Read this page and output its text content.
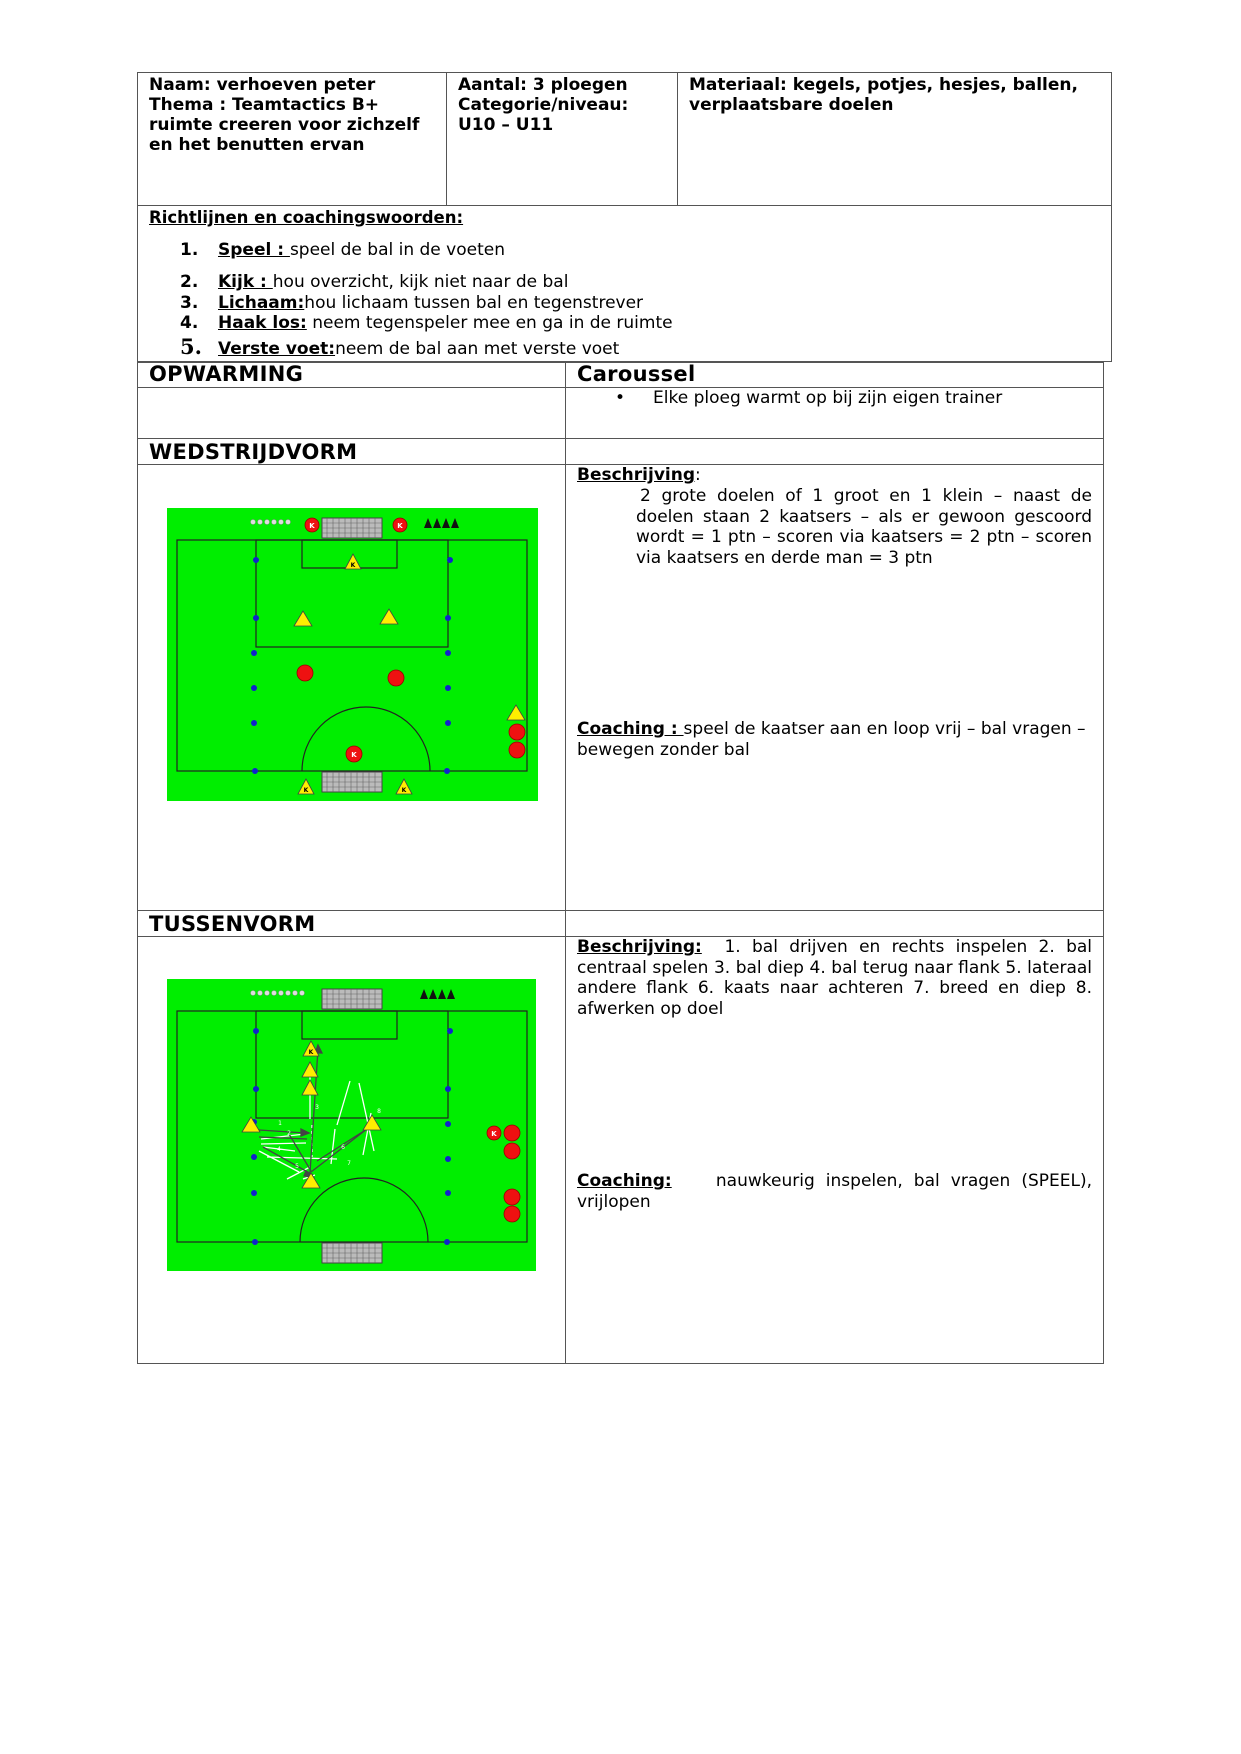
Naam: verhoeven peter
Thema : Teamtactics B+
ruimte creeren voor zichzelf
en het benutten ervan
Aantal: 3 ploegen
Categorie/niveau:
U10 – U11
Materiaal: kegels, potjes, hesjes, ballen,
verplaatsbare doelen
Richtlijnen en coachingswoorden:
1. Speel : speel de bal in de voeten
2. Kijk : hou overzicht, kijk niet naar de bal
3. Lichaam:hou lichaam tussen bal en tegenstrever
4. Haak los: neem tegenspeler mee en ga in de ruimte
5. Verste voet:neem de bal aan met verste voet
OPWARMING	Caroussel
• Elke ploeg warmt op bij zijn eigen trainer
WEDSTRIJDVORM
Beschrijving:
2 grote doelen of 1 groot en 1 klein – naast de doelen staan 2 kaatsers – als er gewoon gescoord wordt = 1 ptn – scoren via kaatsers = 2 ptn – scoren via kaatsers en derde man = 3 ptn
Coaching : speel de kaatser aan en loop vrij – bal vragen – bewegen zonder bal
K	K
K
K
K	K
TUSSENVORM
Beschrijving: 1. bal drijven en rechts inspelen 2. bal centraal spelen 3. bal diep 4. bal terug naar flank 5. lateraal andere flank 6. kaats naar achteren 7. breed en diep 8. afwerken op doel
Coaching:	nauwkeurig inspelen, bal vragen (SPEEL), vrijlopen
1
2
3
4
5
6
7
8
K
K
